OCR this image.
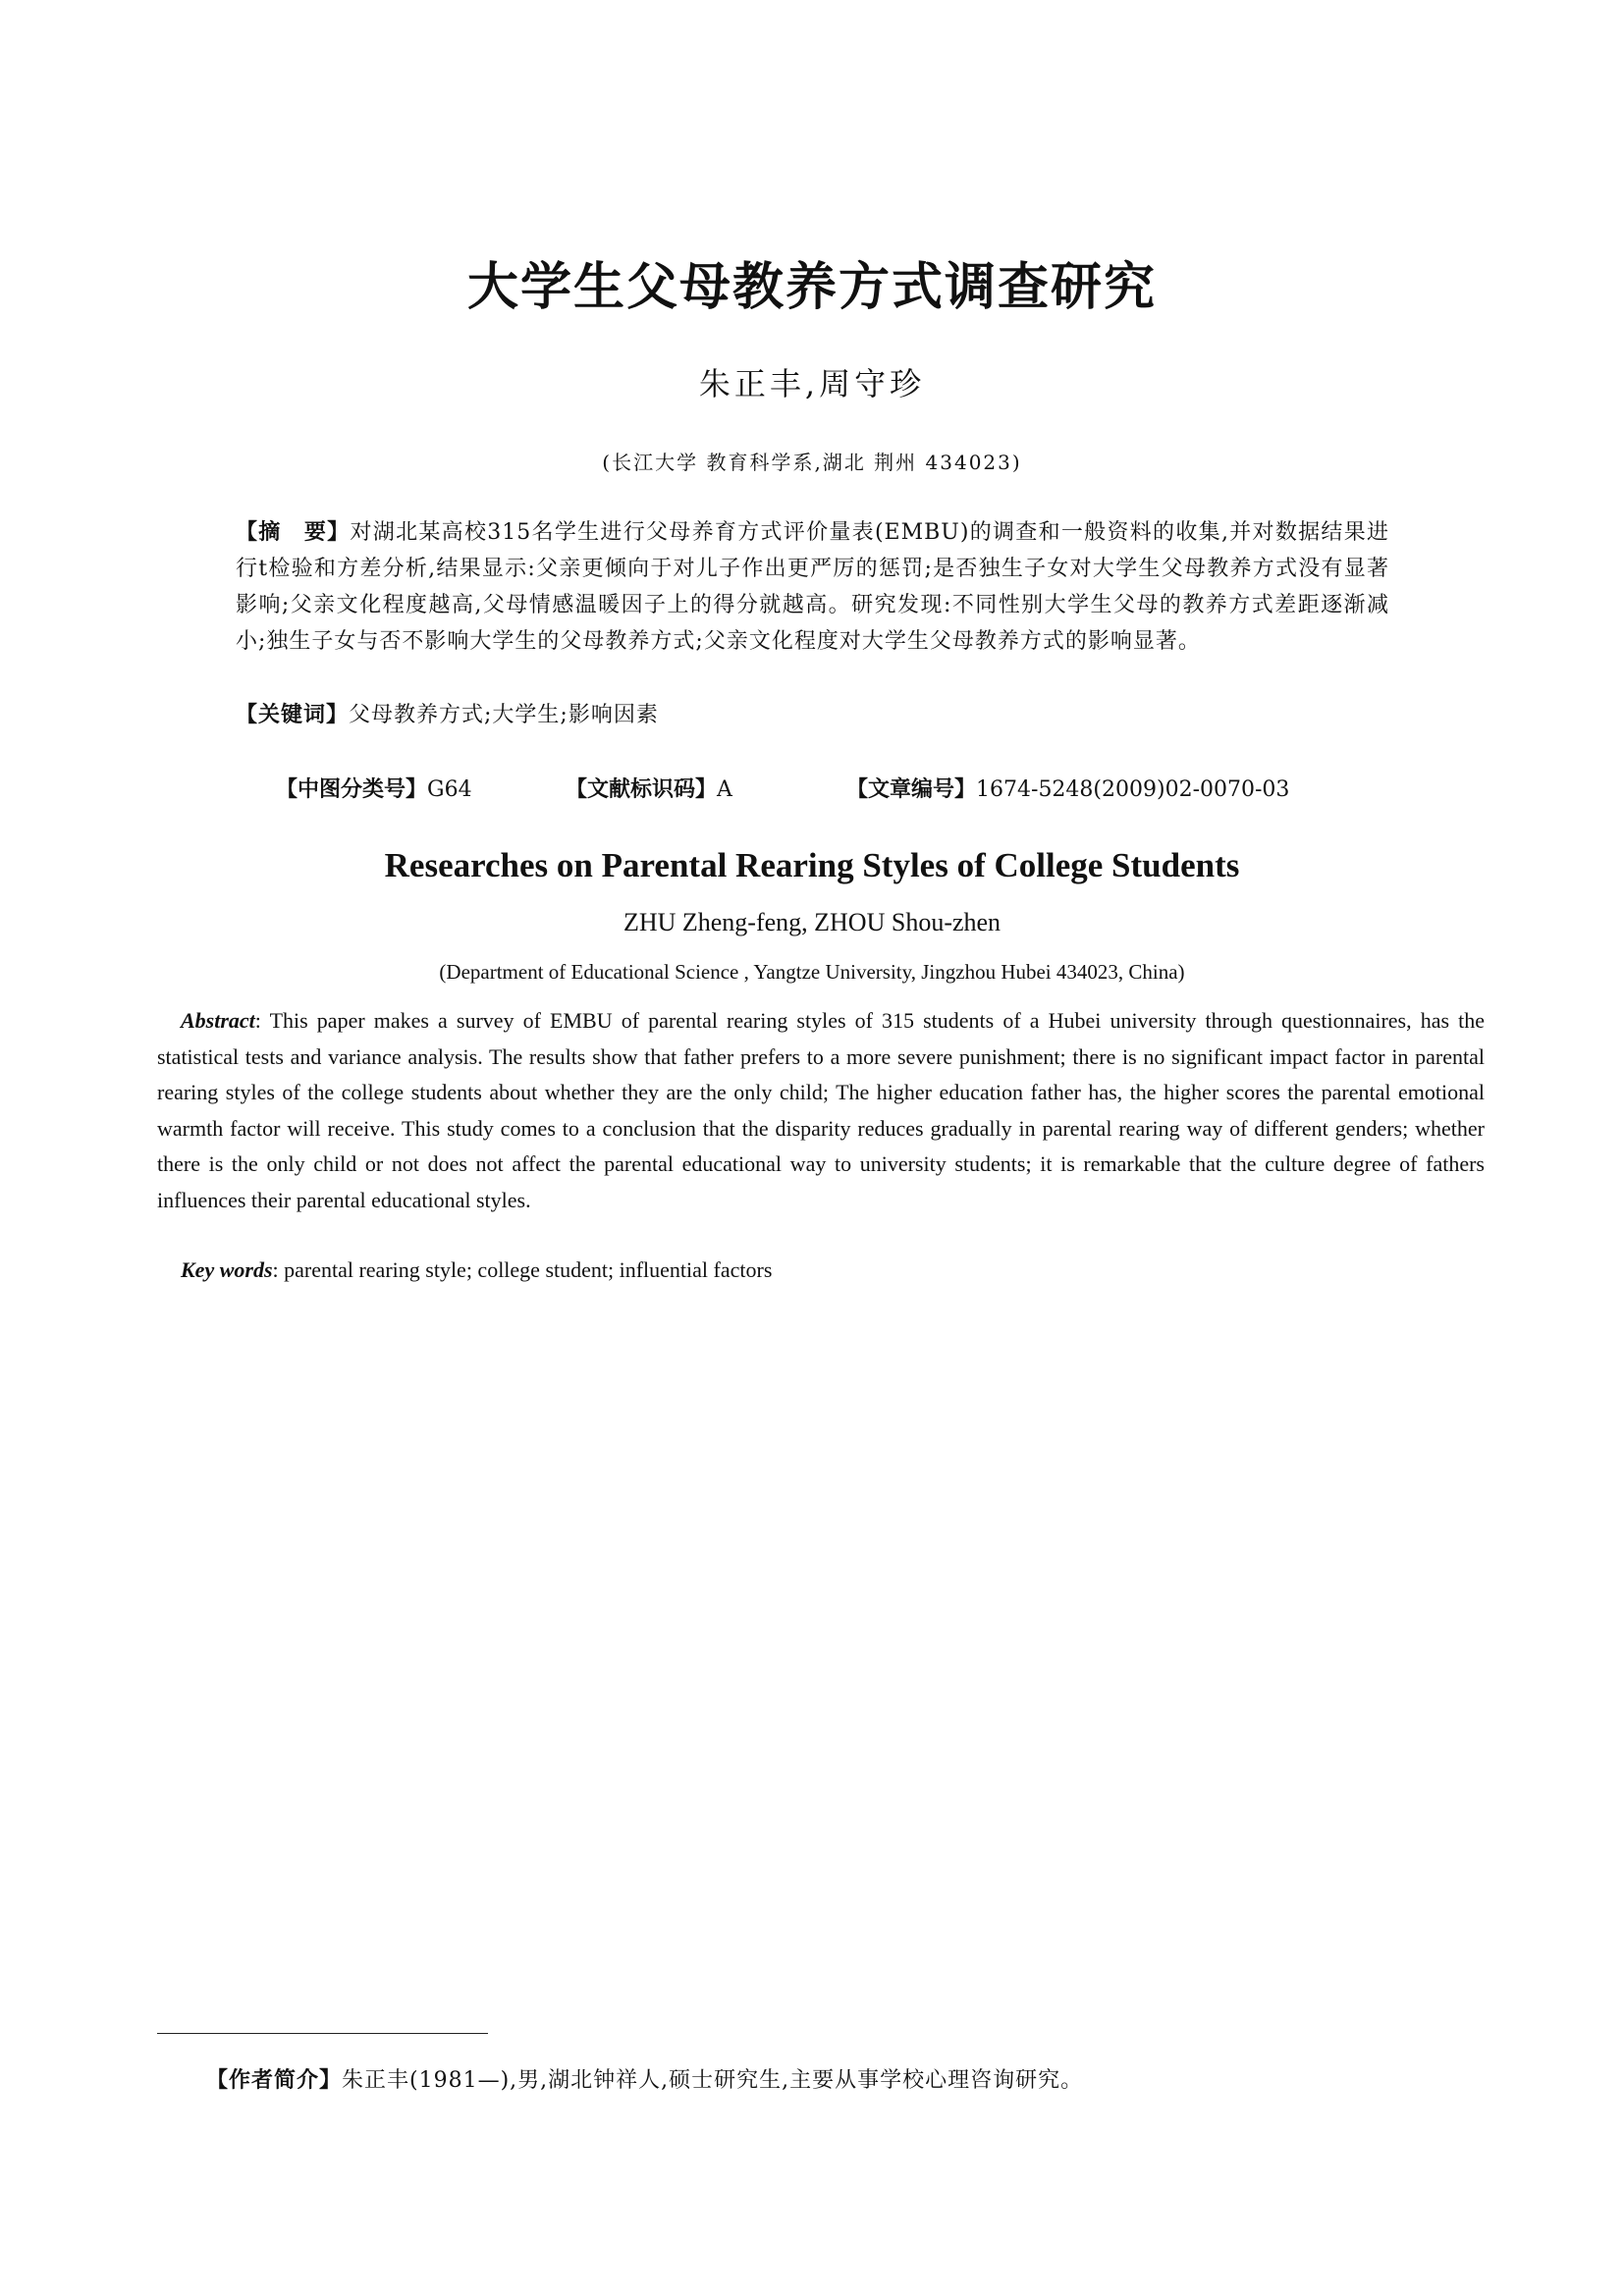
大学生父母教养方式调查研究
朱正丰,周守珍
(长江大学 教育科学系,湖北 荆州 434023)
【摘　要】对湖北某高校315名学生进行父母养育方式评价量表(EMBU)的调查和一般资料的收集,并对数据结果进行t检验和方差分析,结果显示:父亲更倾向于对儿子作出更严厉的惩罚;是否独生子女对大学生父母教养方式没有显著影响;父亲文化程度越高,父母情感温暖因子上的得分就越高。研究发现:不同性别大学生父母的教养方式差距逐渐减小;独生子女与否不影响大学生的父母教养方式;父亲文化程度对大学生父母教养方式的影响显著。
【关键词】父母教养方式;大学生;影响因素
【中图分类号】G64	【文献标识码】A	【文章编号】1674-5248(2009)02-0070-03
Researches on Parental Rearing Styles of College Students
ZHU Zheng-feng, ZHOU Shou-zhen
(Department of Educational Science , Yangtze University, Jingzhou Hubei 434023, China)
Abstract: This paper makes a survey of EMBU of parental rearing styles of 315 students of a Hubei university through questionnaires, has the statistical tests and variance analysis. The results show that father prefers to a more severe punishment; there is no significant impact factor in parental rearing styles of the college students about whether they are the only child; The higher education father has, the higher scores the parental emotional warmth factor will receive. This study comes to a conclusion that the disparity reduces gradually in parental rearing way of different genders; whether there is the only child or not does not affect the parental educational way to university students; it is remarkable that the culture degree of fathers influences their parental educational styles.
Key words: parental rearing style; college student; influential factors
【作者简介】朱正丰(1981—),男,湖北钟祥人,硕士研究生,主要从事学校心理咨询研究。
